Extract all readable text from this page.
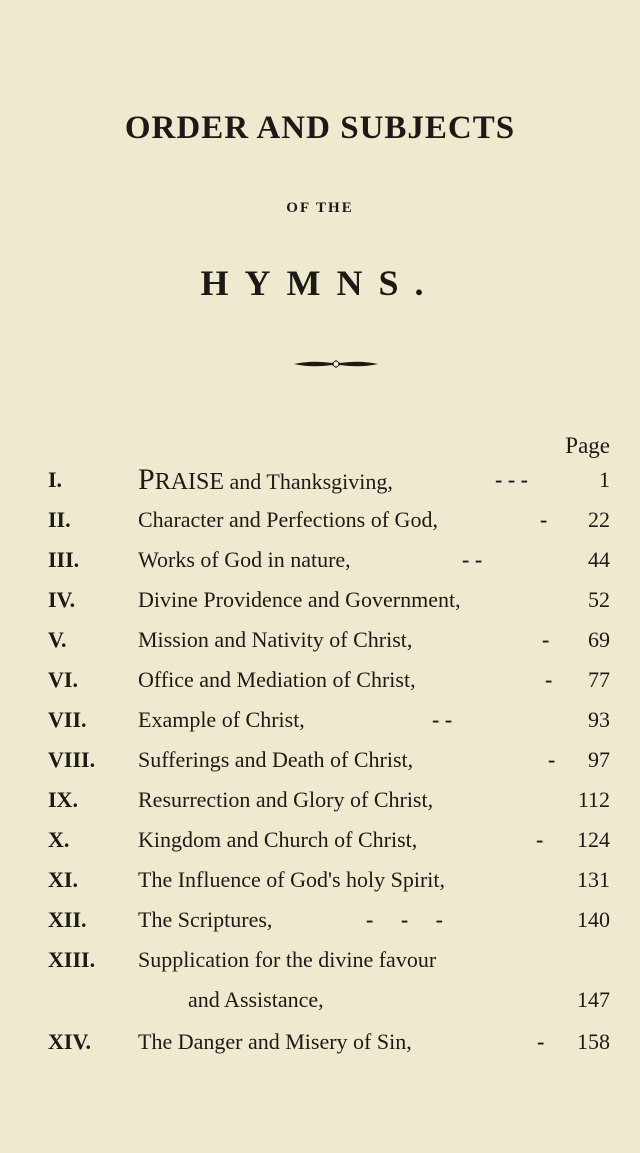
ORDER AND SUBJECTS
OF THE
HYMNS.
Page
I.	PRAISE and Thanksgiving,	- - -	1
II.	Character and Perfections of God,	- 22
III.	Works of God in nature,	- -	44
IV.	Divine Providence and Government,	52
V.	Mission and Nativity of Christ,	- 69
VI.	Office and Mediation of Christ,	- 77
VII. Example of Christ,	- -	93
VIII. Sufferings and Death of Christ,	- 97
IX.	Resurrection and Glory of Christ,	112
X.	Kingdom and Church of Christ,	- 124
XI.	The Influence of God's holy Spirit,	131
XII. The Scriptures,	-     -     -	140
XIII. Supplication for the divine favour
and Assistance,	147
XIV. The Danger and Misery of Sin,	- 158
